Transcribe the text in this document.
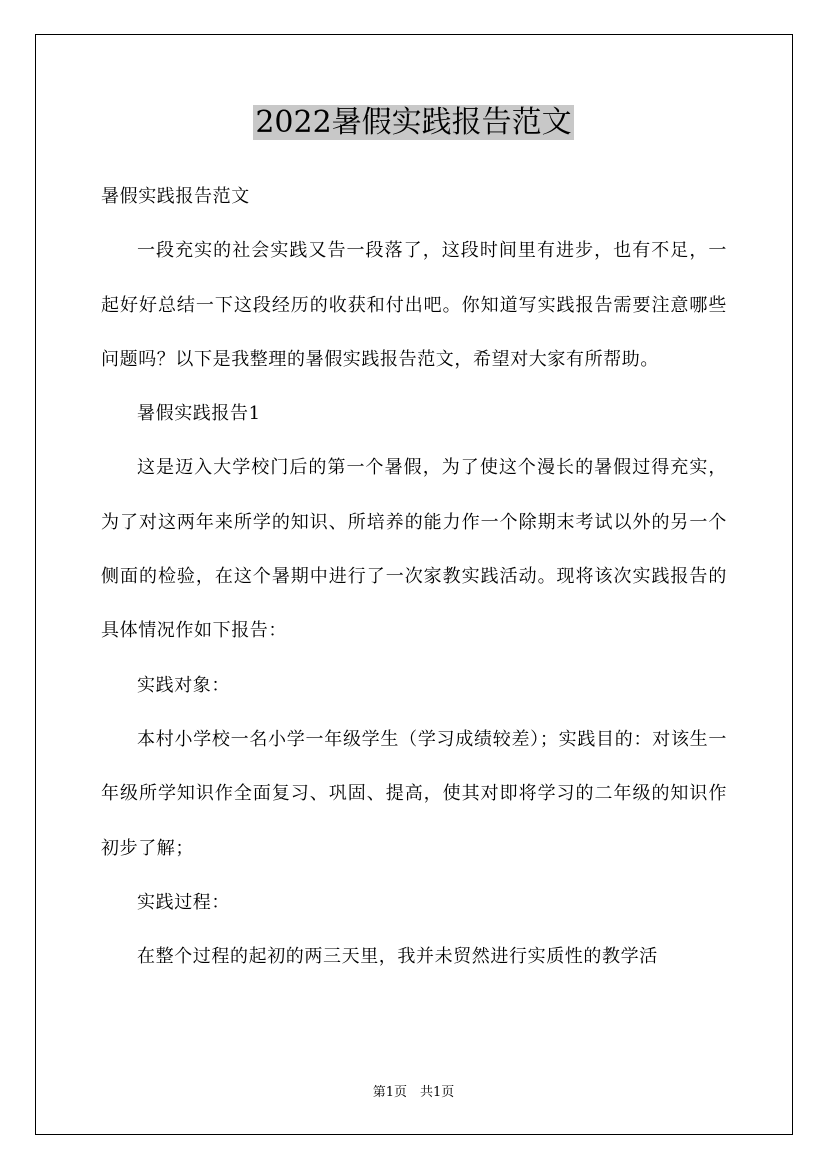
2022暑假实践报告范文

暑假实践报告范文

一段充实的社会实践又告一段落了，这段时间里有进步，也有不足，一起好好总结一下这段经历的收获和付出吧。你知道写实践报告需要注意哪些问题吗？以下是我整理的暑假实践报告范文，希望对大家有所帮助。

暑假实践报告1

这是迈入大学校门后的第一个暑假，为了使这个漫长的暑假过得充实，为了对这两年来所学的知识、所培养的能力作一个除期末考试以外的另一个侧面的检验，在这个暑期中进行了一次家教实践活动。现将该次实践报告的具体情况作如下报告：

实践对象：

本村小学校一名小学一年级学生（学习成绩较差）；实践目的：对该生一年级所学知识作全面复习、巩固、提高，使其对即将学习的二年级的知识作初步了解；

实践过程：

在整个过程的起初的两三天里，我并未贸然进行实质性的教学活

第1页　共1页
